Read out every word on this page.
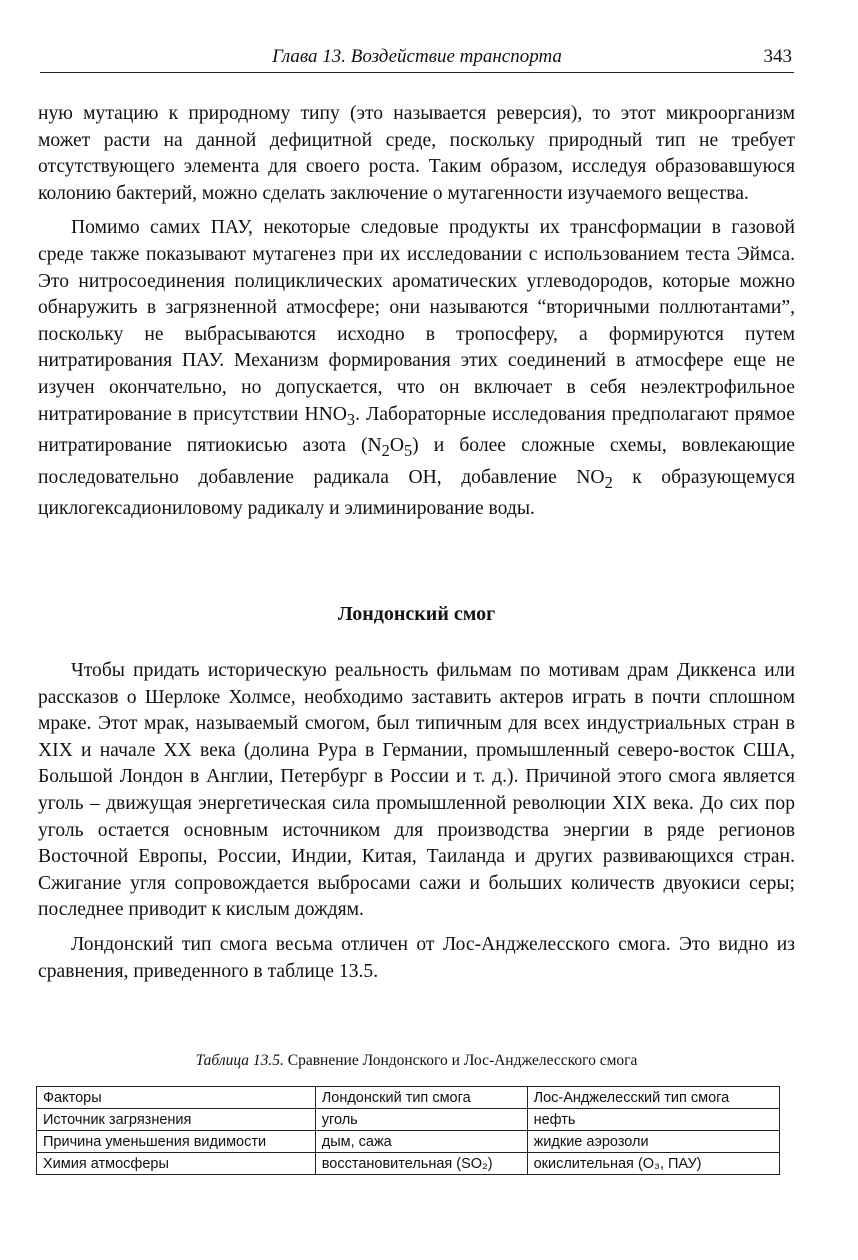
Глава 13. Воздействие транспорта	343

ную мутацию к природному типу (это называется реверсия), то этот микроорганизм может расти на данной дефицитной среде, поскольку природный тип не требует отсутствующего элемента для своего роста. Таким образом, исследуя образовавшуюся колонию бактерий, можно сделать заключение о мутагенности изучаемого вещества.

Помимо самих ПАУ, некоторые следовые продукты их трансформации в газовой среде также показывают мутагенез при их исследовании с использованием теста Эймса. Это нитросоединения полициклических ароматических углеводородов, которые можно обнаружить в загрязненной атмосфере; они называются “вторичными поллютантами”, поскольку не выбрасываются исходно в тропосферу, а формируются путем нитратирования ПАУ. Механизм формирования этих соединений в атмосфере еще не изучен окончательно, но допускается, что он включает в себя неэлектрофильное нитратирование в присутствии $HNO_3$. Лабораторные исследования предполагают прямое нитратирование пятиокисью азота $(N_2O_5)$ и более сложные схемы, вовлекающие последовательно добавление радикала OH, добавление $NO_2$ к образующемуся циклогексадиониловому радикалу и элиминирование воды.

Лондонский смог

Чтобы придать историческую реальность фильмам по мотивам драм Диккенса или рассказов о Шерлоке Холмсе, необходимо заставить актеров играть в почти сплошном мраке. Этот мрак, называемый смогом, был типичным для всех индустриальных стран в XIX и начале XX века (долина Рура в Германии, промышленный северо-восток США, Большой Лондон в Англии, Петербург в России и т. д.). Причиной этого смога является уголь – движущая энергетическая сила промышленной революции XIX века. До сих пор уголь остается основным источником для производства энергии в ряде регионов Восточной Европы, России, Индии, Китая, Таиланда и других развивающихся стран. Сжигание угля сопровождается выбросами сажи и больших количеств двуокиси серы; последнее приводит к кислым дождям.

Лондонский тип смога весьма отличен от Лос-Анджелесского смога. Это видно из сравнения, приведенного в таблице 13.5.

Таблица 13.5. Сравнение Лондонского и Лос-Анджелесского смога
Факторы	Лондонский тип смога	Лос-Анджелесский тип смога
Источник загрязнения	уголь	нефть
Причина уменьшения видимости	дым, сажа	жидкие аэрозоли
Химия атмосферы	восстановительная (SO₂)	окислительная (O₃, ПАУ)
